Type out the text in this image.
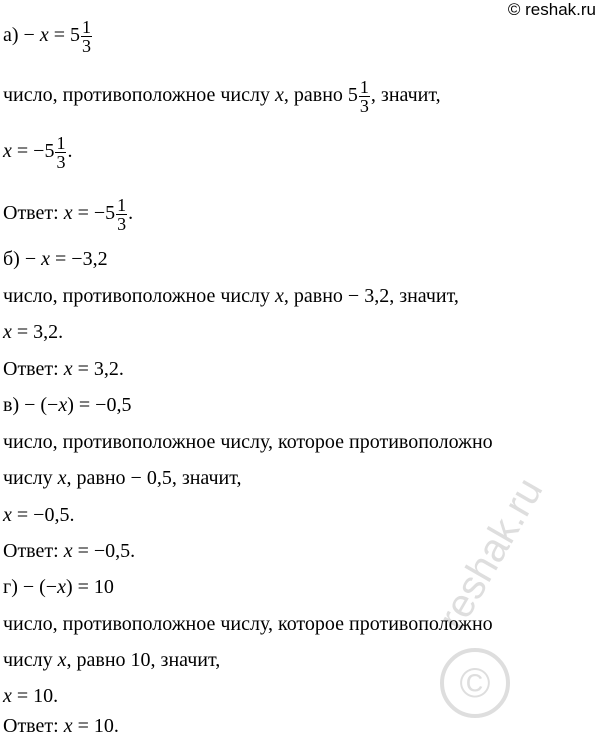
© reshak.ru
reshak.ru
©
$а) - x = 5 \frac{1}{3}$
число, противоположное числу x, равно $5 \frac{1}{3}$ , значит,
$x = -5 \frac{1}{3}$ .
Ответ: $x = -5 \frac{1}{3}$ .
б) − x = −3,2
число, противоположное числу x, равно − 3,2, значит,
x = 3,2.
Ответ: x = 3,2.
в) − (−x) = −0,5
число, противоположное числу, которое противоположно
числу x, равно − 0,5, значит,
x = −0,5.
Ответ: x = −0,5.
г) − (−x) = 10
число, противоположное числу, которое противоположно
числу x, равно 10, значит,
x = 10.
Ответ: x = 10.
